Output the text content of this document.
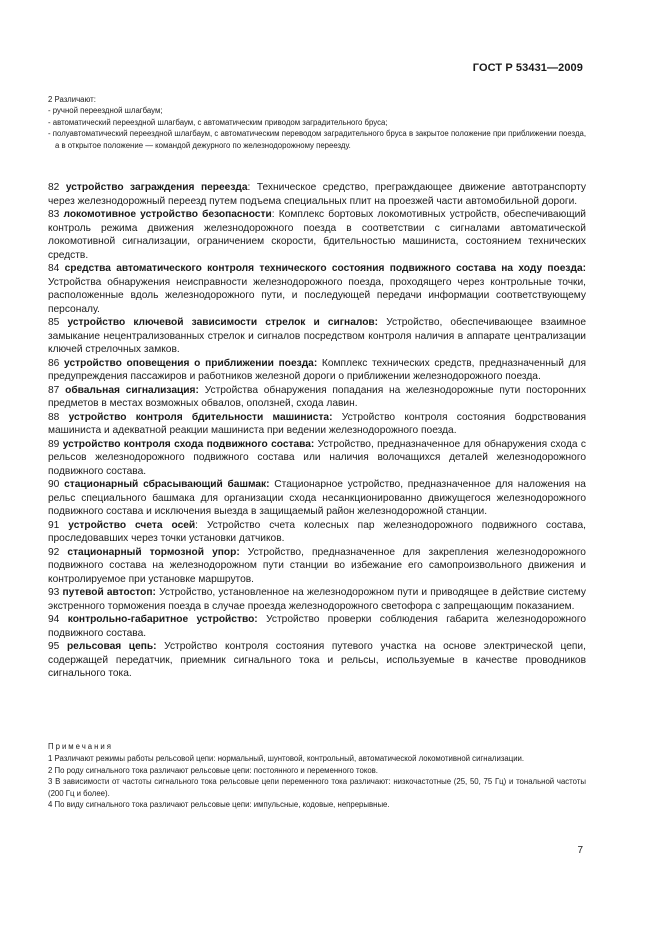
ГОСТ Р 53431—2009

2 Различают:

- ручной переездной шлагбаум;

- автоматический переездной шлагбаум, с автоматическим приводом заградительного бруса;

- полуавтоматический переездной шлагбаум, с автоматическим переводом заградительного бруса в закрытое положение при приближении поезда, а в открытое положение — командой дежурного по железнодорожному переезду.

82 устройство заграждения переезда: Техническое средство, преграждающее движение автотранспорту через железнодорожный переезд путем подъема специальных плит на проезжей части автомобильной дороги.

83 локомотивное устройство безопасности: Комплекс бортовых локомотивных устройств, обеспечивающий контроль режима движения железнодорожного поезда в соответствии с сигналами автоматической локомотивной сигнализации, ограничением скорости, бдительностью машиниста, состоянием технических средств.

84 средства автоматического контроля технического состояния подвижного состава на ходу поезда: Устройства обнаружения неисправности железнодорожного поезда, проходящего через контрольные точки, расположенные вдоль железнодорожного пути, и последующей передачи информации соответствующему персоналу.

85 устройство ключевой зависимости стрелок и сигналов: Устройство, обеспечивающее взаимное замыкание нецентрализованных стрелок и сигналов посредством контроля наличия в аппарате централизации ключей стрелочных замков.

86 устройство оповещения о приближении поезда: Комплекс технических средств, предназначенный для предупреждения пассажиров и работников железной дороги о приближении железнодорожного поезда.

87 обвальная сигнализация: Устройства обнаружения попадания на железнодорожные пути посторонних предметов в местах возможных обвалов, оползней, схода лавин.

88 устройство контроля бдительности машиниста: Устройство контроля состояния бодрствования машиниста и адекватной реакции машиниста при ведении железнодорожного поезда.

89 устройство контроля схода подвижного состава: Устройство, предназначенное для обнаружения схода с рельсов железнодорожного подвижного состава или наличия волочащихся деталей железнодорожного подвижного состава.

90 стационарный сбрасывающий башмак: Стационарное устройство, предназначенное для наложения на рельс специального башмака для организации схода несанкционированно движущегося железнодорожного подвижного состава и исключения выезда в защищаемый район железнодорожной станции.

91 устройство счета осей: Устройство счета колесных пар железнодорожного подвижного состава, проследовавших через точки установки датчиков.

92 стационарный тормозной упор: Устройство, предназначенное для закрепления железнодорожного подвижного состава на железнодорожном пути станции во избежание его самопроизвольного движения и контролируемое при установке маршрутов.

93 путевой автостоп: Устройство, установленное на железнодорожном пути и приводящее в действие систему экстренного торможения поезда в случае проезда железнодорожного светофора с запрещающим показанием.

94 контрольно-габаритное устройство: Устройство проверки соблюдения габарита железнодорожного подвижного состава.

95 рельсовая цепь: Устройство контроля состояния путевого участка на основе электрической цепи, содержащей передатчик, приемник сигнального тока и рельсы, используемые в качестве проводников сигнального тока.

Примечания

1 Различают режимы работы рельсовой цепи: нормальный, шунтовой, контрольный, автоматической локомотивной сигнализации.

2 По роду сигнального тока различают рельсовые цепи: постоянного и переменного токов.

3 В зависимости от частоты сигнального тока рельсовые цепи переменного тока различают: низкочастотные (25, 50, 75 Гц) и тональной частоты (200 Гц и более).

4 По виду сигнального тока различают рельсовые цепи: импульсные, кодовые, непрерывные.

7
